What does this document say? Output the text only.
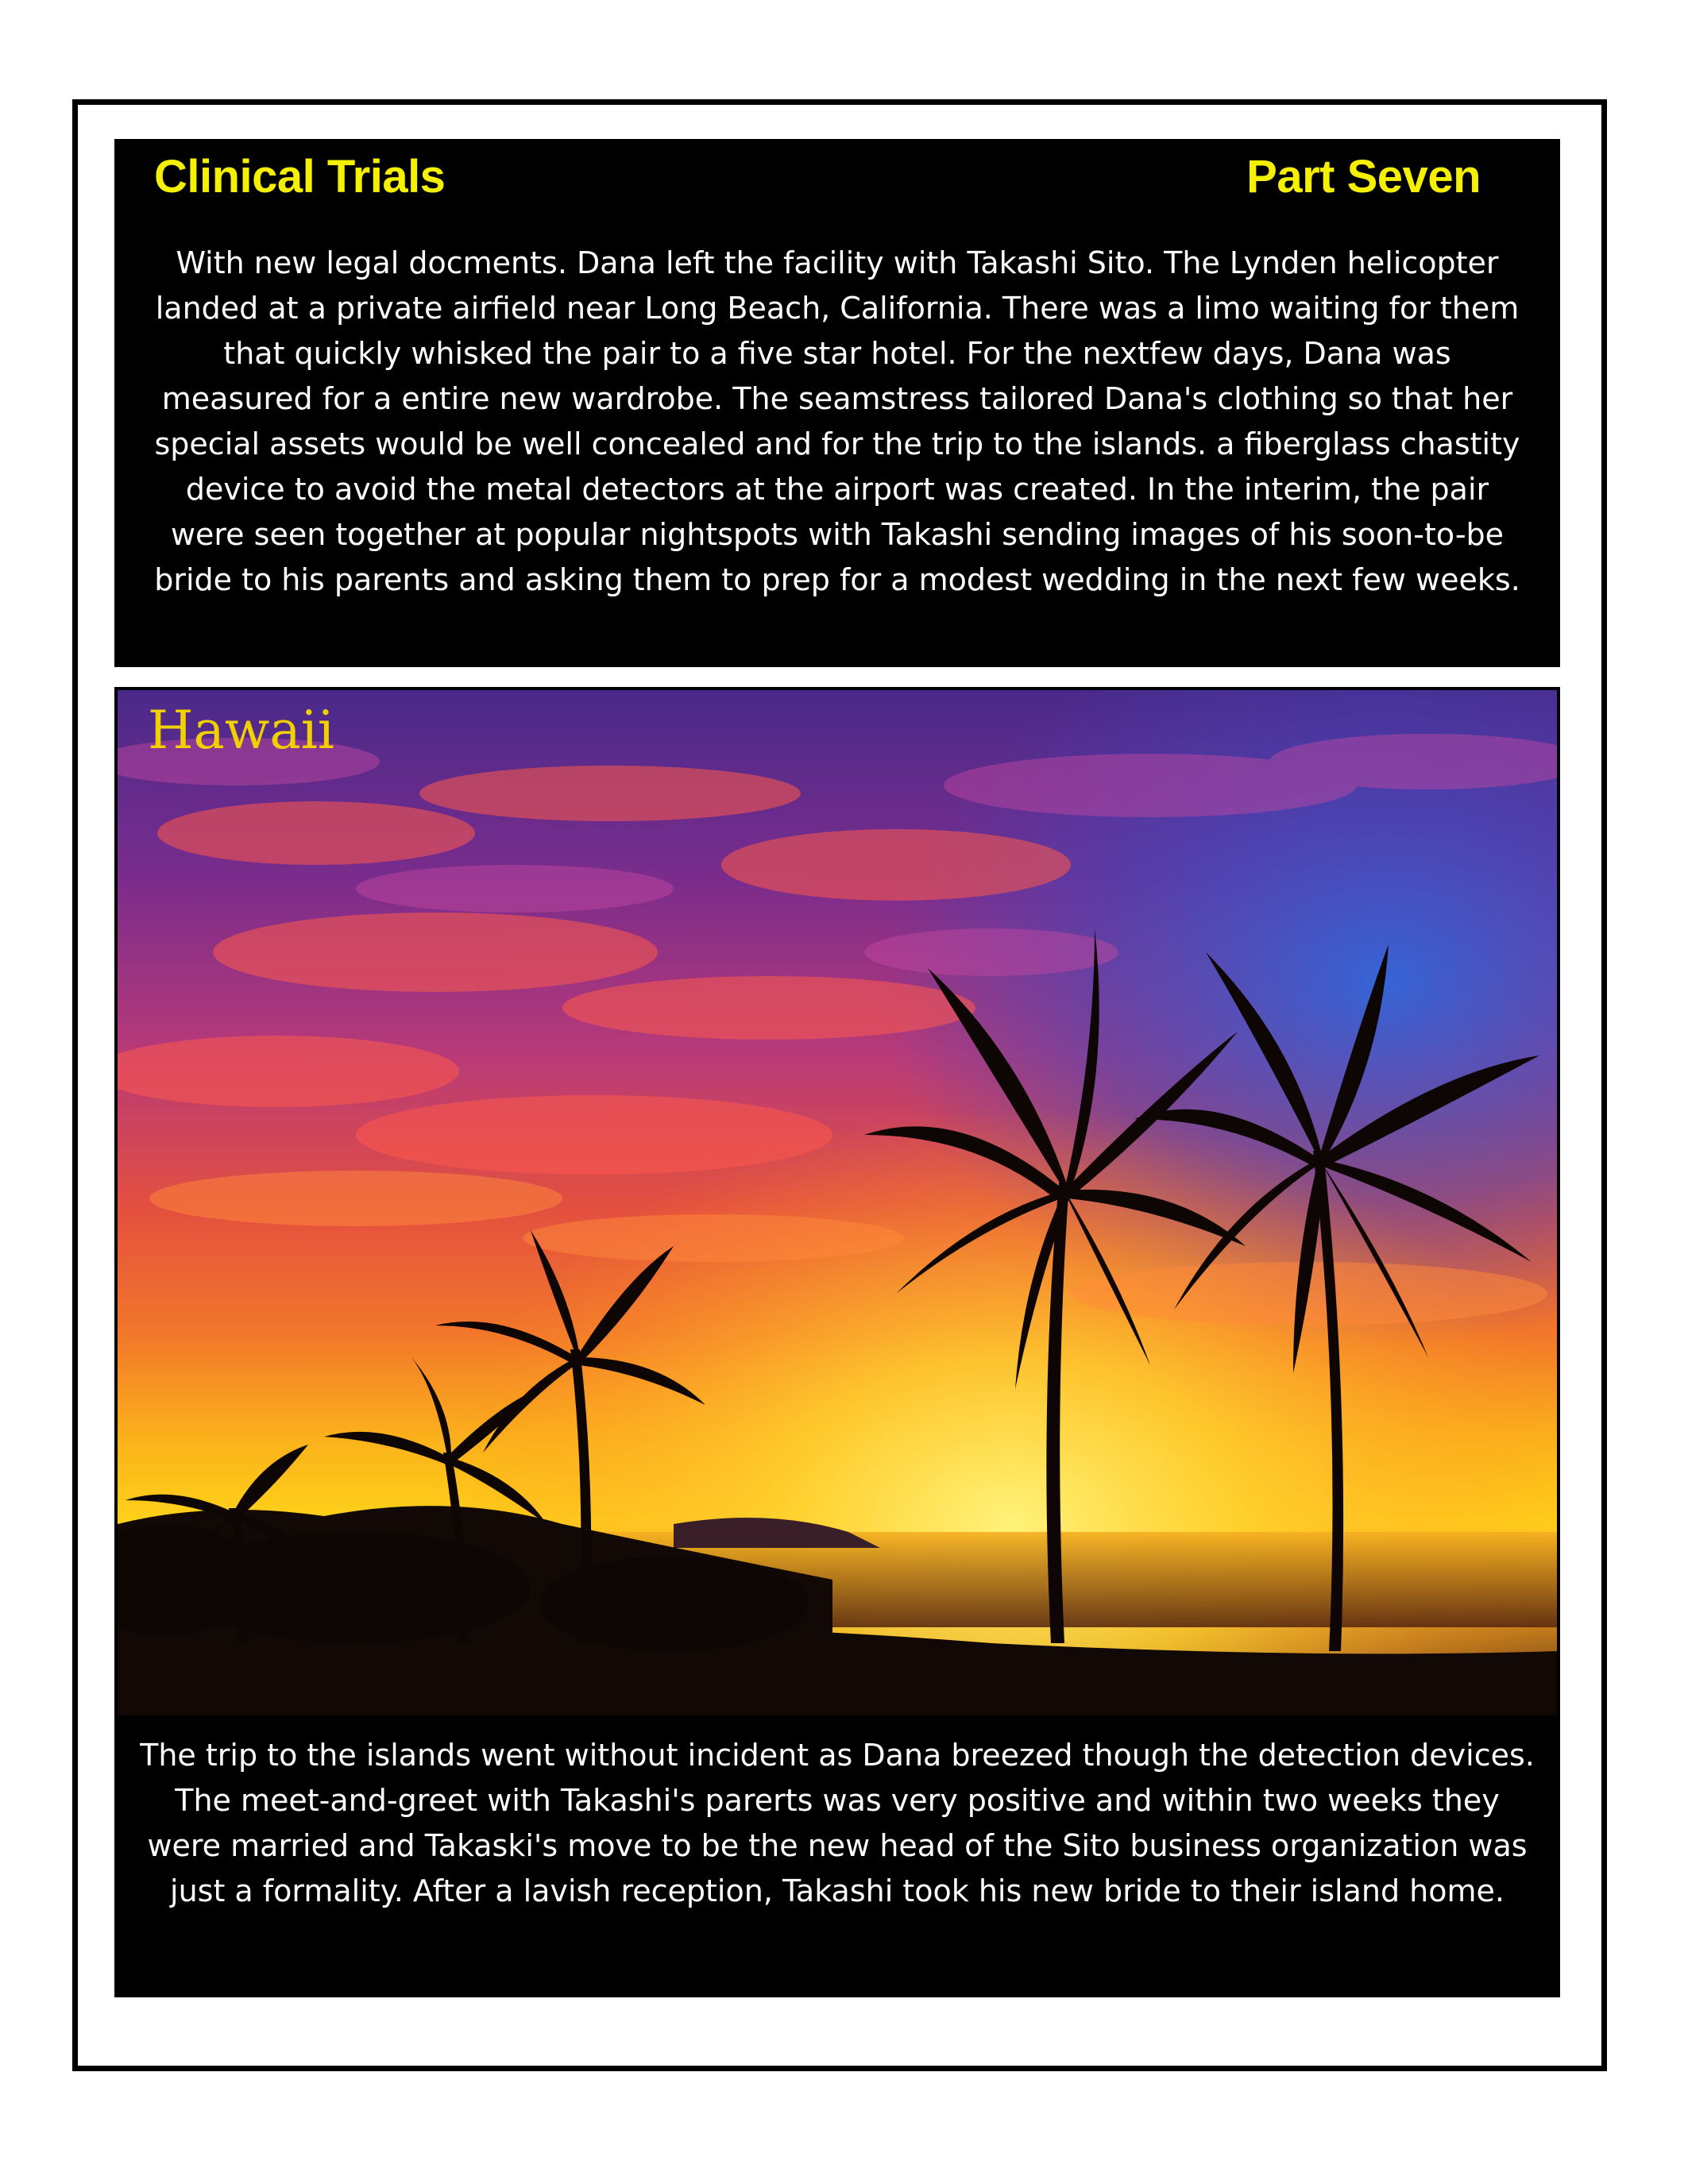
Clinical Trials	Part Seven

With new legal docments. Dana left the facility with Takashi Sito. The Lynden helicopter landed at a private airfield near Long Beach, California. There was a limo waiting for them that quickly whisked the pair to a five star hotel. For the nextfew days, Dana was measured for a entire new wardrobe. The seamstress tailored Dana's clothing so that her special assets would be well concealed and for the trip to the islands. a fiberglass chastity device to avoid the metal detectors at the airport was created. In the interim, the pair were seen together at popular nightspots with Takashi sending images of his soon-to-be bride to his parents and asking them to prep for a modest wedding in the next few weeks.

Hawaii

The trip to the islands went without incident as Dana breezed though the detection devices. The meet-and-greet with Takashi's parerts was very positive and within two weeks they were married and Takaski's move to be the new head of the Sito business organization was just a formality. After a lavish reception, Takashi took his new bride to their island home.
